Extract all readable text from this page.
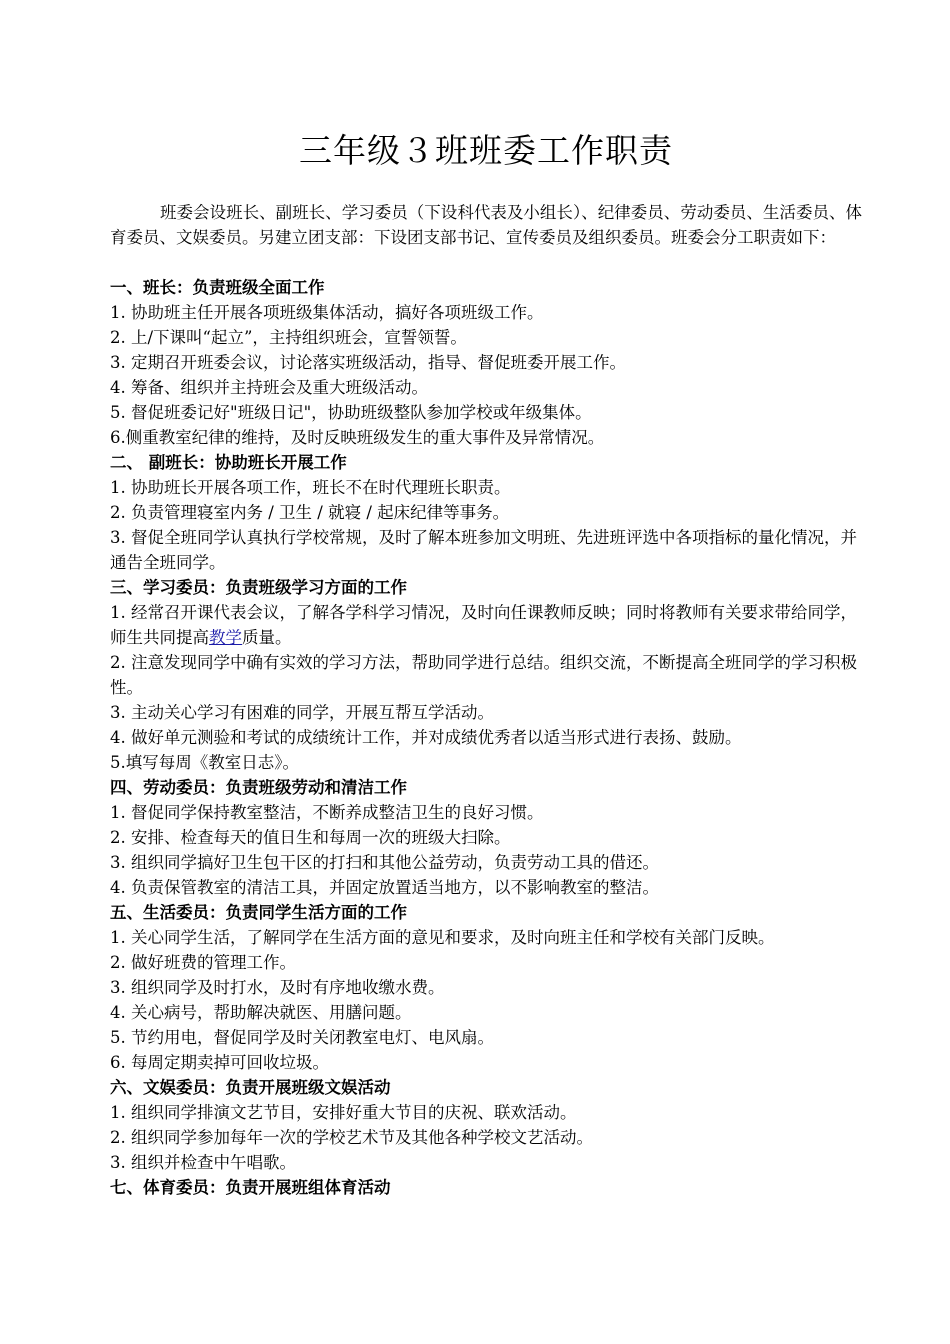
三年级３班班委工作职责

班委会设班长、副班长、学习委员（下设科代表及小组长）、纪律委员、劳动委员、生活委员、体育委员、文娱委员。另建立团支部：下设团支部书记、宣传委员及组织委员。班委会分工职责如下：

一、班长：负责班级全面工作

1. 协助班主任开展各项班级集体活动，搞好各项班级工作。

2. 上/下课叫“起立”，主持组织班会，宣誓领誓。

3. 定期召开班委会议，讨论落实班级活动，指导、督促班委开展工作。

4. 筹备、组织并主持班会及重大班级活动。

5. 督促班委记好"班级日记"，协助班级整队参加学校或年级集体。

6.侧重教室纪律的维持，及时反映班级发生的重大事件及异常情况。

二、 副班长：协助班长开展工作

1. 协助班长开展各项工作，班长不在时代理班长职责。

2. 负责管理寝室内务 / 卫生 / 就寝 / 起床纪律等事务。

3. 督促全班同学认真执行学校常规，及时了解本班参加文明班、先进班评选中各项指标的量化情况，并通告全班同学。

三、学习委员：负责班级学习方面的工作

1. 经常召开课代表会议，了解各学科学习情况，及时向任课教师反映；同时将教师有关要求带给同学，师生共同提高教学质量。

2. 注意发现同学中确有实效的学习方法，帮助同学进行总结。组织交流，不断提高全班同学的学习积极性。

3. 主动关心学习有困难的同学，开展互帮互学活动。

4. 做好单元测验和考试的成绩统计工作，并对成绩优秀者以适当形式进行表扬、鼓励。

5.填写每周《教室日志》。

四、劳动委员：负责班级劳动和清洁工作

1. 督促同学保持教室整洁，不断养成整洁卫生的良好习惯。

2. 安排、检查每天的值日生和每周一次的班级大扫除。

3. 组织同学搞好卫生包干区的打扫和其他公益劳动，负责劳动工具的借还。

4. 负责保管教室的清洁工具，并固定放置适当地方，以不影响教室的整洁。

五、生活委员：负责同学生活方面的工作

1. 关心同学生活，了解同学在生活方面的意见和要求，及时向班主任和学校有关部门反映。

2. 做好班费的管理工作。

3. 组织同学及时打水，及时有序地收缴水费。

4. 关心病号，帮助解决就医、用膳问题。

5. 节约用电，督促同学及时关闭教室电灯、电风扇。

6. 每周定期卖掉可回收垃圾。

六、文娱委员：负责开展班级文娱活动

1. 组织同学排演文艺节目，安排好重大节目的庆祝、联欢活动。

2. 组织同学参加每年一次的学校艺术节及其他各种学校文艺活动。

3. 组织并检查中午唱歌。

七、体育委员：负责开展班组体育活动
